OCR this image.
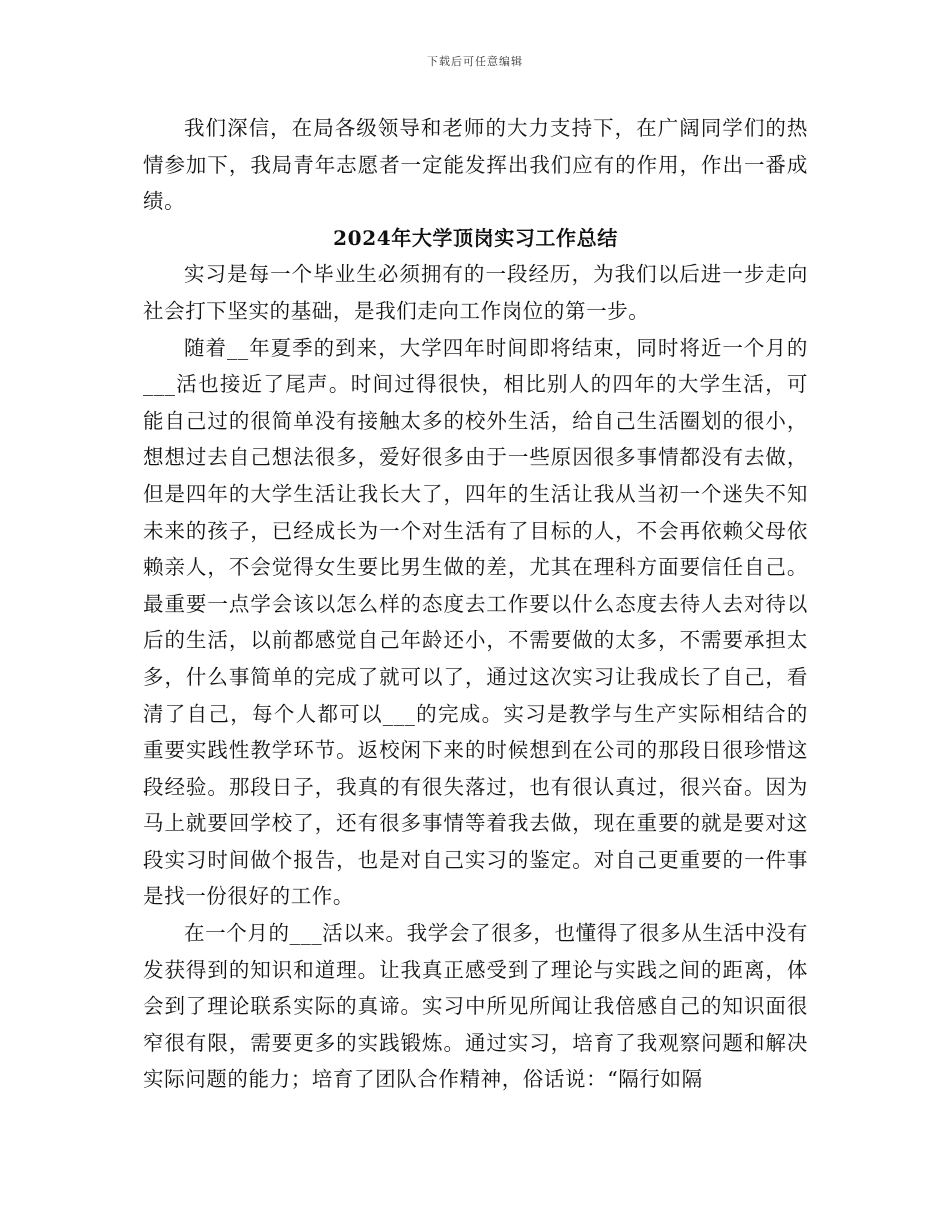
下载后可任意编辑

我们深信，在局各级领导和老师的大力支持下，在广阔同学们的热情参加下，我局青年志愿者一定能发挥出我们应有的作用，作出一番成绩。

2024年大学顶岗实习工作总结

实习是每一个毕业生必须拥有的一段经历，为我们以后进一步走向社会打下坚实的基础，是我们走向工作岗位的第一步。

随着__年夏季的到来，大学四年时间即将结束，同时将近一个月的___活也接近了尾声。时间过得很快，相比别人的四年的大学生活，可能自己过的很简单没有接触太多的校外生活，给自己生活圈划的很小，想想过去自己想法很多，爱好很多由于一些原因很多事情都没有去做，但是四年的大学生活让我长大了，四年的生活让我从当初一个迷失不知未来的孩子，已经成长为一个对生活有了目标的人，不会再依赖父母依赖亲人，不会觉得女生要比男生做的差，尤其在理科方面要信任自己。最重要一点学会该以怎么样的态度去工作要以什么态度去待人去对待以后的生活，以前都感觉自己年龄还小，不需要做的太多，不需要承担太多，什么事简单的完成了就可以了，通过这次实习让我成长了自己，看清了自己，每个人都可以___的完成。实习是教学与生产实际相结合的重要实践性教学环节。返校闲下来的时候想到在公司的那段日很珍惜这段经验。那段日子，我真的有很失落过，也有很认真过，很兴奋。因为马上就要回学校了，还有很多事情等着我去做，现在重要的就是要对这段实习时间做个报告，也是对自己实习的鉴定。对自己更重要的一件事是找一份很好的工作。

在一个月的___活以来。我学会了很多，也懂得了很多从生活中没有发获得到的知识和道理。让我真正感受到了理论与实践之间的距离，体会到了理论联系实际的真谛。实习中所见所闻让我倍感自己的知识面很窄很有限，需要更多的实践锻炼。通过实习，培育了我观察问题和解决实际问题的能力；培育了团队合作精神，俗话说：“隔行如隔
